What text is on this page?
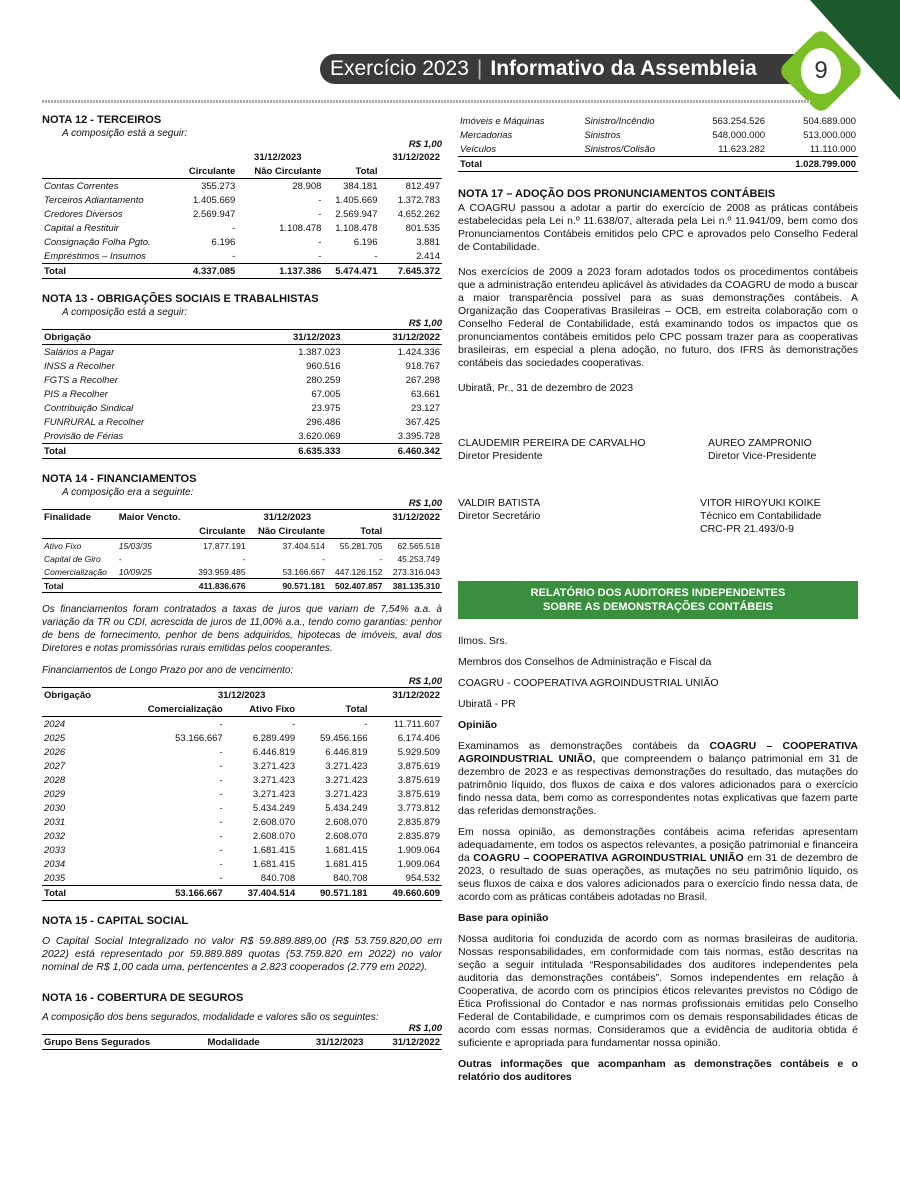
Exercício 2023 | Informativo da Assembleia	9
NOTA 12 - TERCEIROS
A composição está a seguir:
R$ 1,00
	31/12/2023			31/12/2022
	Circulante	Não Circulante	Total	
Contas Correntes	355.273	28.908	384.181	812.497
Terceiros Adiantamento	1.405.669	-	1.405.669	1.372.783
Credores Diversos	2.569.947	-	2.569.947	4.652.262
Capital a Restituir	-	1.108.478	1.108.478	801.535
Consignação Folha Pgto.	6.196	-	6.196	3.881
Empréstimos – Insumos	-	-	-	2.414
Total	4.337.085	1.137.386	5.474.471	7.645.372
NOTA 13 - OBRIGAÇÕES SOCIAIS E TRABALHISTAS
A composição está a seguir:
R$ 1,00
Obrigação	31/12/2023	31/12/2022
Salários a Pagar	1.387.023	1.424.336
INSS a Recolher	960.516	918.767
FGTS a Recolher	280.259	267.298
PIS a Recolher	67.005	63.661
Contribuição Sindical	23.975	23.127
FUNRURAL a Recolher	296.486	367.425
Provisão de Férias	3.620.069	3.395.728
Total	6.635.333	6.460.342
NOTA 14 - FINANCIAMENTOS
A composição era a seguinte:
R$ 1,00
Finalidade	Maior Vencto.	31/12/2023			31/12/2022
		Circulante	Não Circulante	Total	
Ativo Fixo	15/03/35	17.877.191	37.404.514	55.281.705	62.565.518
Capital de Giro	-	-	-	-	45.253.749
Comercialização	10/09/25	393.959.485	53.166.667	447.126.152	273.316.043
Total		411.836.676	90.571.181	502.407.857	381.135.310
Os financiamentos foram contratados a taxas de juros que variam de 7,54% a.a. à variação da TR ou CDI, acrescida de juros de 11,00% a.a., tendo como garantias: penhor de bens de fornecimento, penhor de bens adquiridos, hipotecas de imóveis, aval dos Diretores e notas promissórias rurais emitidas pelos cooperantes.
Financiamentos de Longo Prazo por ano de vencimento:
R$ 1,00
Obrigação	31/12/2023			31/12/2022
	Comercialização	Ativo Fixo	Total	
2024	-	-	-	11.711.607
2025	53.166.667	6.289.499	59.456.166	6.174.406
2026	-	6.446.819	6.446.819	5.929.509
2027	-	3.271.423	3.271.423	3.875.619
2028	-	3.271.423	3.271.423	3.875.619
2029	-	3.271.423	3.271.423	3.875.619
2030	-	5.434.249	5.434.249	3.773.812
2031	-	2.608.070	2.608.070	2.835.879
2032	-	2.608.070	2.608.070	2.835.879
2033	-	1.681.415	1.681.415	1.909.064
2034	-	1.681.415	1.681.415	1.909.064
2035	-	840.708	840.708	954.532
Total	53.166.667	37.404.514	90.571.181	49.660.609
NOTA 15 - CAPITAL SOCIAL
O Capital Social Integralizado no valor R$ 59.889.889,00 (R$ 53.759.820,00 em 2022) está representado por 59.889.889 quotas (53.759.820 em 2022) no valor nominal de R$ 1,00 cada uma, pertencentes a 2.823 cooperados (2.779 em 2022).
NOTA 16 - COBERTURA DE SEGUROS
A composição dos bens segurados, modalidade e valores são os seguintes:
R$ 1,00
Grupo Bens Segurados	Modalidade	31/12/2023	31/12/2022
Imóveis e Máquinas	Sinistro/Incêndio	563.254.526	504.689.000
Mercadorias	Sinistros	548.000.000	513.000.000
Veículos	Sinistros/Colisão	11.623.282	11.110.000
Total			1.028.799.000
NOTA 17 – ADOÇÃO DOS PRONUNCIAMENTOS CONTÁBEIS
A COAGRU passou a adotar a partir do exercício de 2008 as práticas contábeis estabelecidas pela Lei n.º 11.638/07, alterada pela Lei n.º 11.941/09, bem como dos Pronunciamentos Contábeis emitidos pelo CPC e aprovados pelo Conselho Federal de Contabilidade.
Nos exercícios de 2009 a 2023 foram adotados todos os procedimentos contábeis que a administração entendeu aplicável às atividades da COAGRU de modo a buscar a maior transparência possível para as suas demonstrações contábeis. A Organização das Cooperativas Brasileiras – OCB, em estreita colaboração com o Conselho Federal de Contabilidade, está examinando todos os impactos que os pronunciamentos contábeis emitidos pelo CPC possam trazer para as cooperativas brasileiras, em especial a plena adoção, no futuro, dos IFRS às demonstrações contábeis das sociedades cooperativas.
Ubiratã, Pr., 31 de dezembro de 2023
CLAUDEMIR PEREIRA DE CARVALHO
Diretor Presidente
AUREO ZAMPRONIO
Diretor Vice-Presidente
VALDIR BATISTA
Diretor Secretário
VITOR HIROYUKI KOIKE
Técnico em Contabilidade
CRC-PR 21.493/0-9
RELATÓRIO DOS AUDITORES INDEPENDENTES
SOBRE AS DEMONSTRAÇÕES CONTÁBEIS
Ilmos. Srs.
Membros dos Conselhos de Administração e Fiscal da
COAGRU - COOPERATIVA AGROINDUSTRIAL UNIÃO
Ubiratã - PR
Opinião
Examinamos as demonstrações contábeis da COAGRU – COOPERATIVA AGROINDUSTRIAL UNIÃO, que compreendem o balanço patrimonial em 31 de dezembro de 2023 e as respectivas demonstrações do resultado, das mutações do patrimônio líquido, dos fluxos de caixa e dos valores adicionados para o exercício findo nessa data, bem como as correspondentes notas explicativas que fazem parte das referidas demonstrações.
Em nossa opinião, as demonstrações contábeis acima referidas apresentam adequadamente, em todos os aspectos relevantes, a posição patrimonial e financeira da COAGRU – COOPERATIVA AGROINDUSTRIAL UNIÃO em 31 de dezembro de 2023, o resultado de suas operações, as mutações no seu patrimônio líquido, os seus fluxos de caixa e dos valores adicionados para o exercício findo nessa data, de acordo com as práticas contábeis adotadas no Brasil.
Base para opinião
Nossa auditoria foi conduzida de acordo com as normas brasileiras de auditoria. Nossas responsabilidades, em conformidade com tais normas, estão descritas na seção a seguir intitulada “Responsabilidades dos auditores independentes pela auditoria das demonstrações contábeis”. Somos independentes em relação à Cooperativa, de acordo com os princípios éticos relevantes previstos no Código de Ética Profissional do Contador e nas normas profissionais emitidas pelo Conselho Federal de Contabilidade, e cumprimos com os demais responsabilidades éticas de acordo com essas normas. Consideramos que a evidência de auditoria obtida é suficiente e apropriada para fundamentar nossa opinião.
Outras informações que acompanham as demonstrações contábeis e o relatório dos auditores
